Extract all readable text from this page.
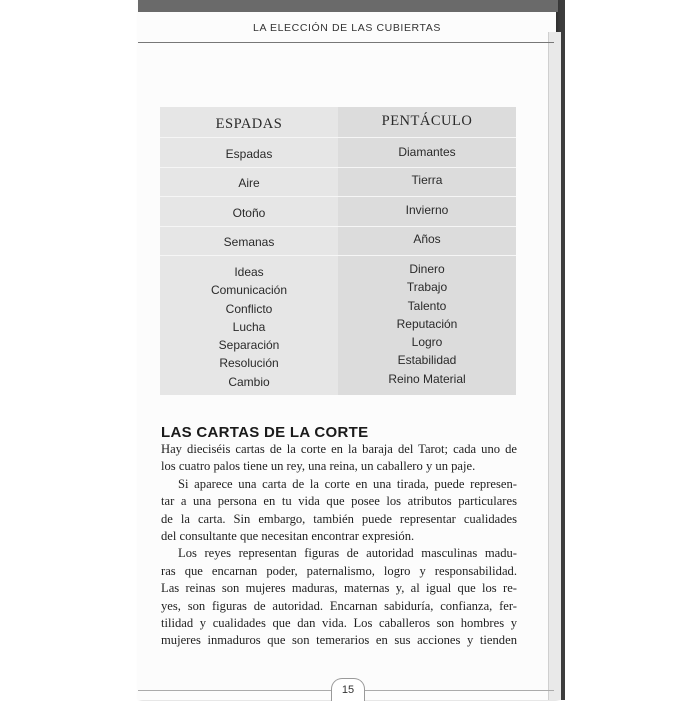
LA ELECCIÓN DE LAS CUBIERTAS
ESPADAS
Espadas
Aire
Otoño
Semanas
Ideas
Comunicación
Conflicto
Lucha
Separación
Resolución
Cambio
PENTÁCULO
Diamantes
Tierra
Invierno
Años
Dinero
Trabajo
Talento
Reputación
Logro
Estabilidad
Reino Material
LAS CARTAS DE LA CORTE
Hay dieciséis cartas de la corte en la baraja del Tarot; cada uno de
los cuatro palos tiene un rey, una reina, un caballero y un paje.
Si aparece una carta de la corte en una tirada, puede represen-
tar a una persona en tu vida que posee los atributos particulares
de la carta. Sin embargo, también puede representar cualidades
del consultante que necesitan encontrar expresión.
Los reyes representan figuras de autoridad masculinas madu-
ras que encarnan poder, paternalismo, logro y responsabilidad.
Las reinas son mujeres maduras, maternas y, al igual que los re-
yes, son figuras de autoridad. Encarnan sabiduría, confianza, fer-
tilidad y cualidades que dan vida. Los caballeros son hombres y
mujeres inmaduros que son temerarios en sus acciones y tienden
15
